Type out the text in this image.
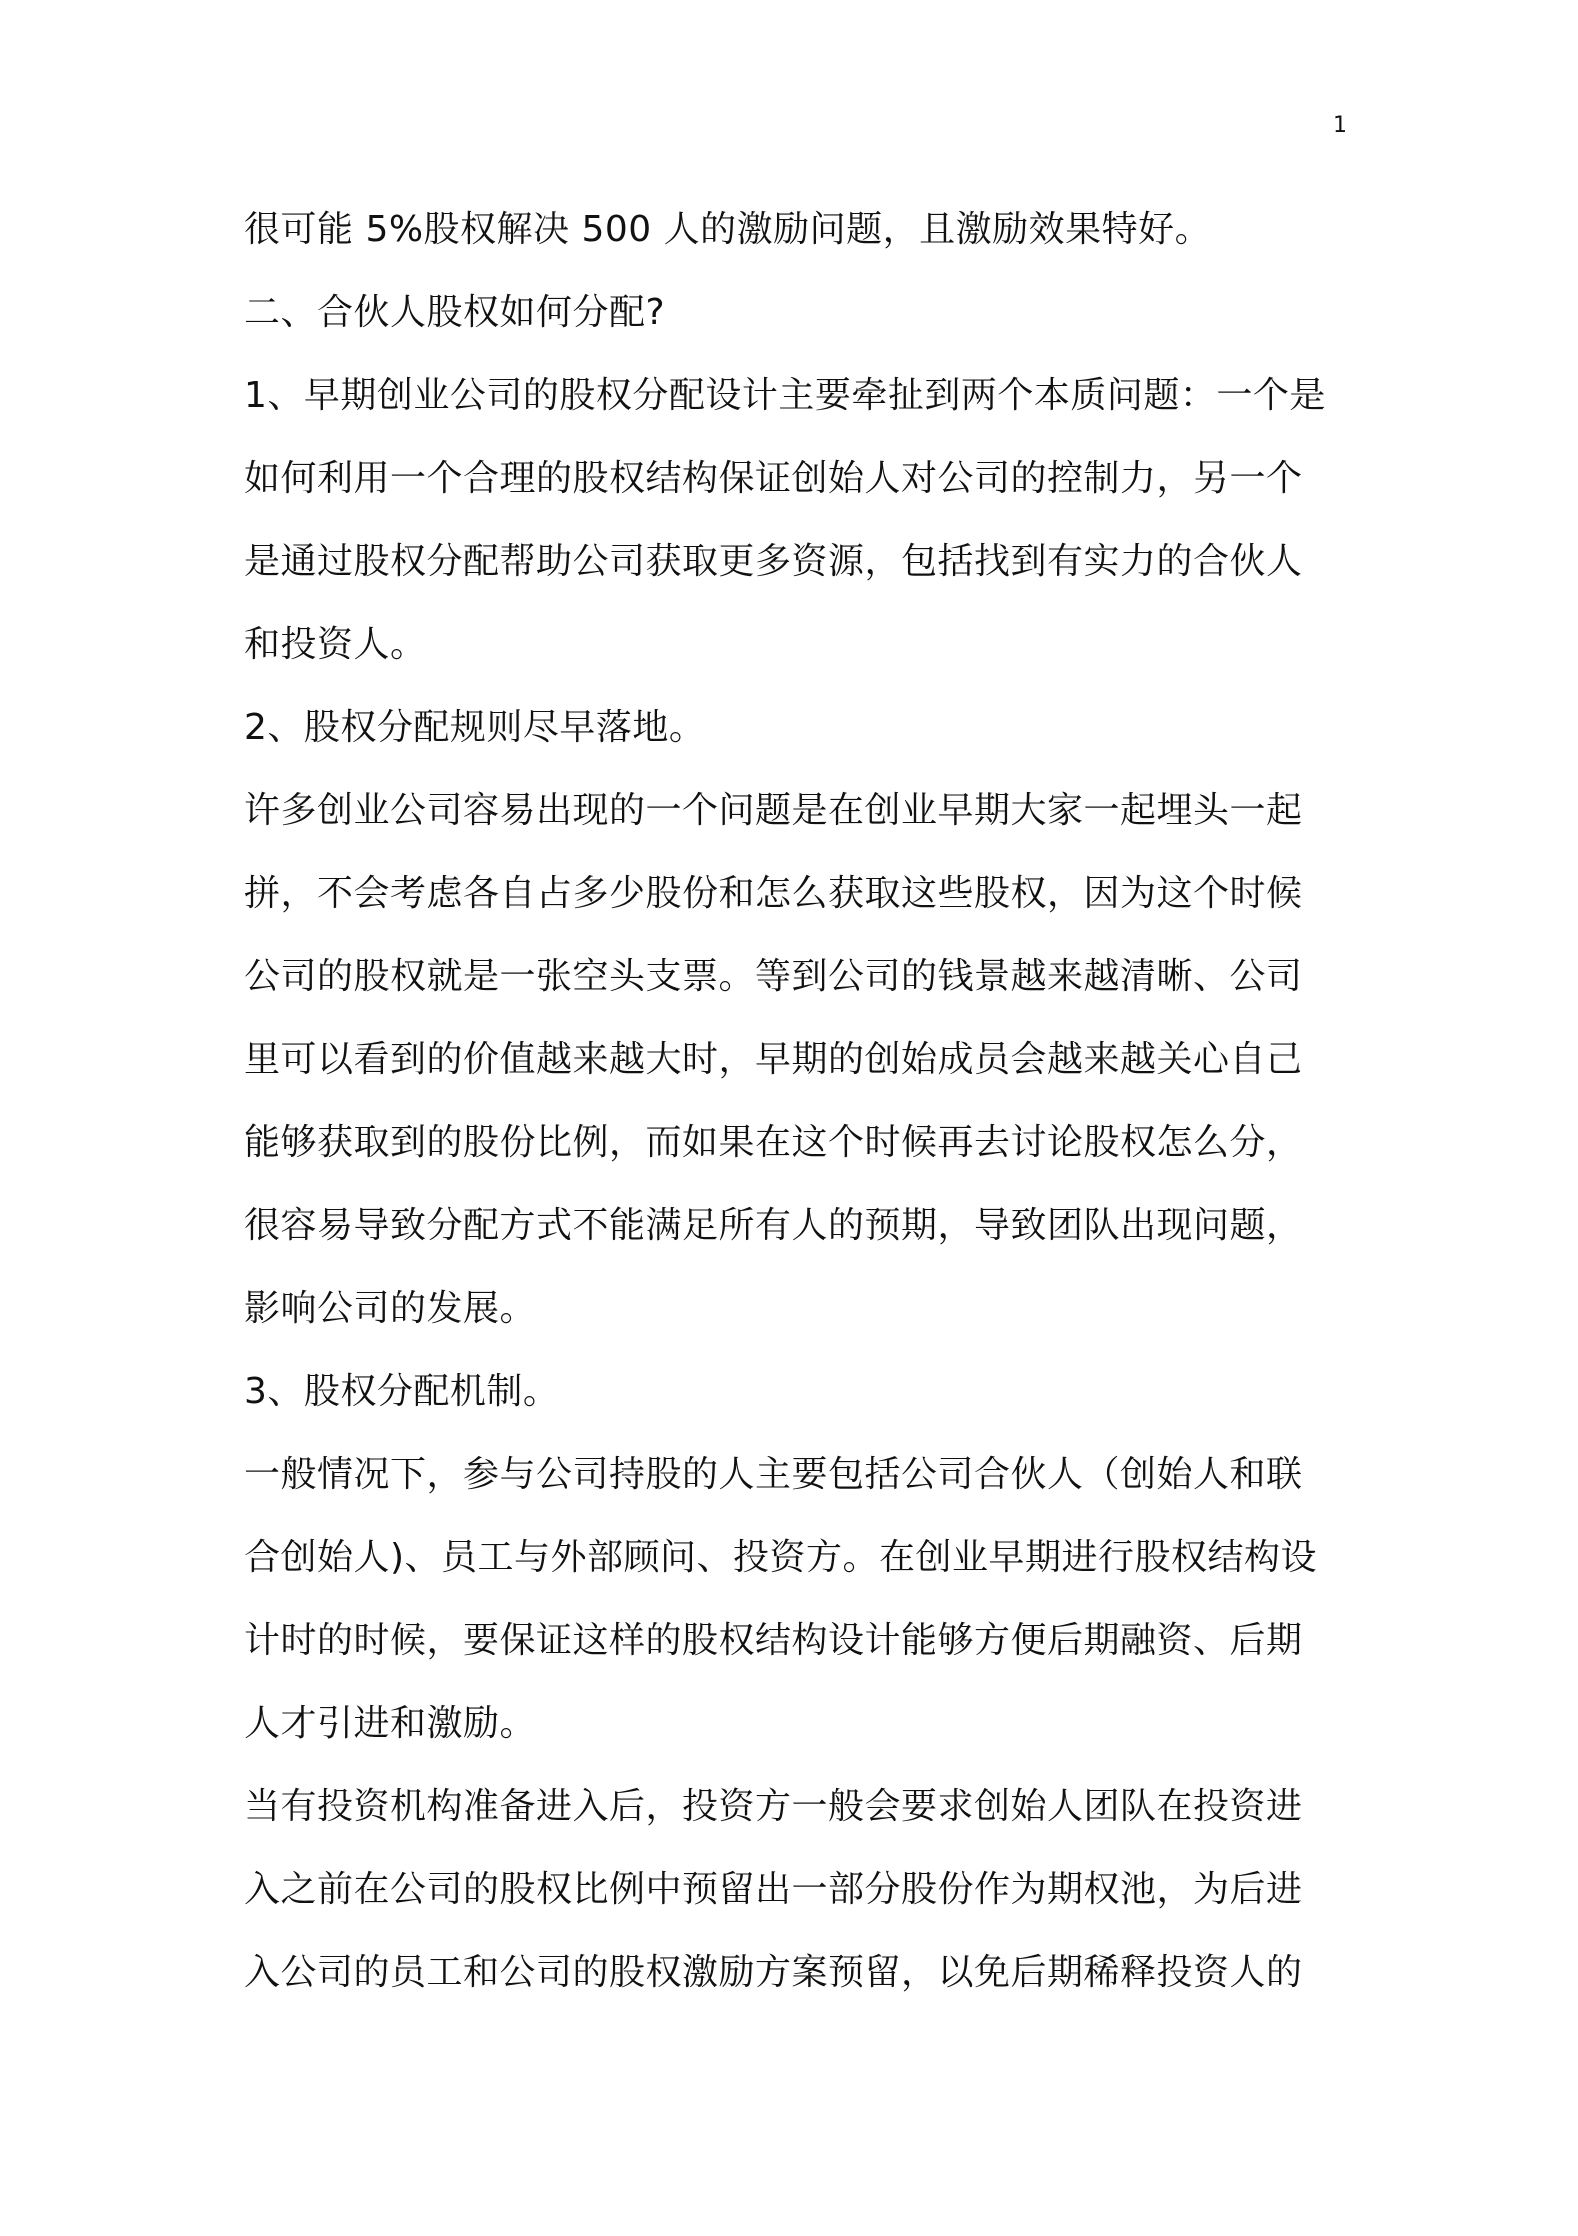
1
很可能 5%股权解决 500 人的激励问题，且激励效果特好。
二、合伙人股权如何分配?
1、早期创业公司的股权分配设计主要牵扯到两个本质问题：一个是
如何利用一个合理的股权结构保证创始人对公司的控制力，另一个
是通过股权分配帮助公司获取更多资源，包括找到有实力的合伙人
和投资人。
2、股权分配规则尽早落地。
许多创业公司容易出现的一个问题是在创业早期大家一起埋头一起
拼，不会考虑各自占多少股份和怎么获取这些股权，因为这个时候
公司的股权就是一张空头支票。等到公司的钱景越来越清晰、公司
里可以看到的价值越来越大时，早期的创始成员会越来越关心自己
能够获取到的股份比例，而如果在这个时候再去讨论股权怎么分，
很容易导致分配方式不能满足所有人的预期，导致团队出现问题，
影响公司的发展。
3、股权分配机制。
一般情况下，参与公司持股的人主要包括公司合伙人（创始人和联
合创始人)、员工与外部顾问、投资方。在创业早期进行股权结构设
计时的时候，要保证这样的股权结构设计能够方便后期融资、后期
人才引进和激励。
当有投资机构准备进入后，投资方一般会要求创始人团队在投资进
入之前在公司的股权比例中预留出一部分股份作为期权池，为后进
入公司的员工和公司的股权激励方案预留，以免后期稀释投资人的
